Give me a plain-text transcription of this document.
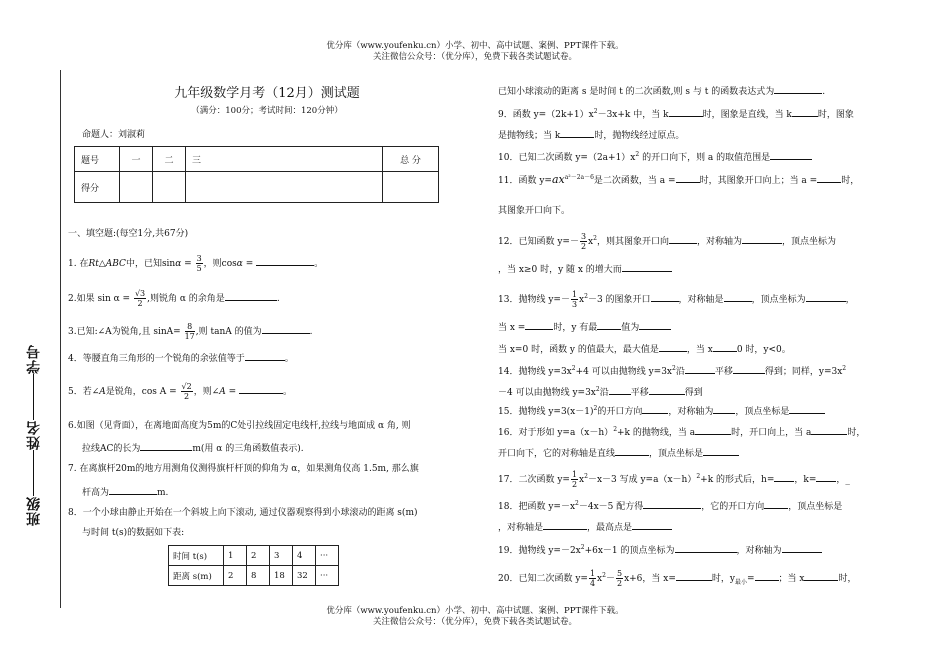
优分库（www.youfenku.cn）小学、初中、高中试题、案例、PPT课件下载。
关注微信公众号：（优分库），免费下载各类试题试卷。
班级
姓名
学号
九年级数学月考（12月）测试题
（满分：100分；考试时间：120分钟）
命题人：刘淑莉
题号	一	二	三	总 分
得分				
一、填空题:(每空1分,共67分)
1. 在Rt△ABC中，已知$\sin\alpha = \frac{3}{5}$ ，则cosα =	。
2.如果 $\sin \alpha = \frac{√3}{2}$ ,则锐角 α 的余角是	.
3.已知:∠A为锐角,且 $\sin A= \frac{8}{17}$ ,则 tanA 的值为	.
4．等腰直角三角形的一个锐角的余弦值等于	。
5．若∠A是锐角，$\cos A = \frac{√2}{2}$ ，则∠A =	。
6.如图（见背面），在离地面高度为5m的C处引拉线固定电线杆,拉线与地面成 α 角, 则
拉线AC的长为	m(用 α 的三角函数值表示).
7. 在离旗杆20m的地方用测角仪测得旗杆杆顶的仰角为 α，如果测角仪高 1.5m, 那么旗
杆高为	m.
8．一个小球由静止开始在一个斜坡上向下滚动, 通过仪器观察得到小球滚动的距离 s(m)
与时间 t(s)的数据如下表:
时间 t(s)	1	2	3	4	···
距离 s(m)	2	8	18	32	···
已知小球滚动的距离 s 是时间 t 的二次函数,则 s 与 t 的函数表达式为	.
9．函数 $y=(2k+1)x^2-3x+k$ 中，当 k	时，图象是直线，当 k	时，图象
是抛物线；当 k	时，抛物线经过原点。
10．已知二次函数 $y=(2a+1)x^2$ 的开口向下，则 a 的取值范围是
11．函数 $y=ax^{a^2-2a-6}$是二次函数，当 a =	时，其图象开口向上；当 a =	时，
其图象开口向下。
12．已知函数 $y=- \frac{3}{2} x^2$，则其图象开口向	，对称轴为	，顶点坐标为
，当 x≥0 时，y 随 x 的增大而
13．抛物线 $y=- \frac{1}{3} x^2-3$ 的图象开口	，对称轴是	，顶点坐标为	，
当 x =	时，y 有最	值为
当 x=0 时，函数 y 的值最大，最大值是	，当 x	0 时，y<0。
14．抛物线 $y=3x^2+4$ 可以由抛物线 $y=3x^2$沿	平移	得到；同样，$y=3x^2$
－4 可以由抛物线 $y=3x^2$沿 平移	得到
15．抛物线 $y=3(x-1)^2$的开口方向	，对称轴为 ，顶点坐标是
16．对于形如 $y=a(x-h)^2+k$ 的抛物线，当 a	时，开口向上，当 a	时，
开口向下，它的对称轴是直线	，顶点坐标是
17．二次函数 $y= \frac{1}{2} x^2-x-3$ 写成 $y=a(x-h)^2+k$ 的形式后，h= ，k= ，_
18．把函数 $y=-x^2-4x-5$ 配方得	，它的开口方向	，顶点坐标是
，对称轴是	，最高点是
19．抛物线 $y=-2x^2+6x-1$ 的顶点坐标为	，对称轴为
20．已知二次函数 $y= \frac{1}{4} x^2- \frac{5}{2} x+6$，当 x=	时，$y_{最小}=$	；当 x	时，
优分库（www.youfenku.cn）小学、初中、高中试题、案例、PPT课件下载。
关注微信公众号：（优分库），免费下载各类试题试卷。
